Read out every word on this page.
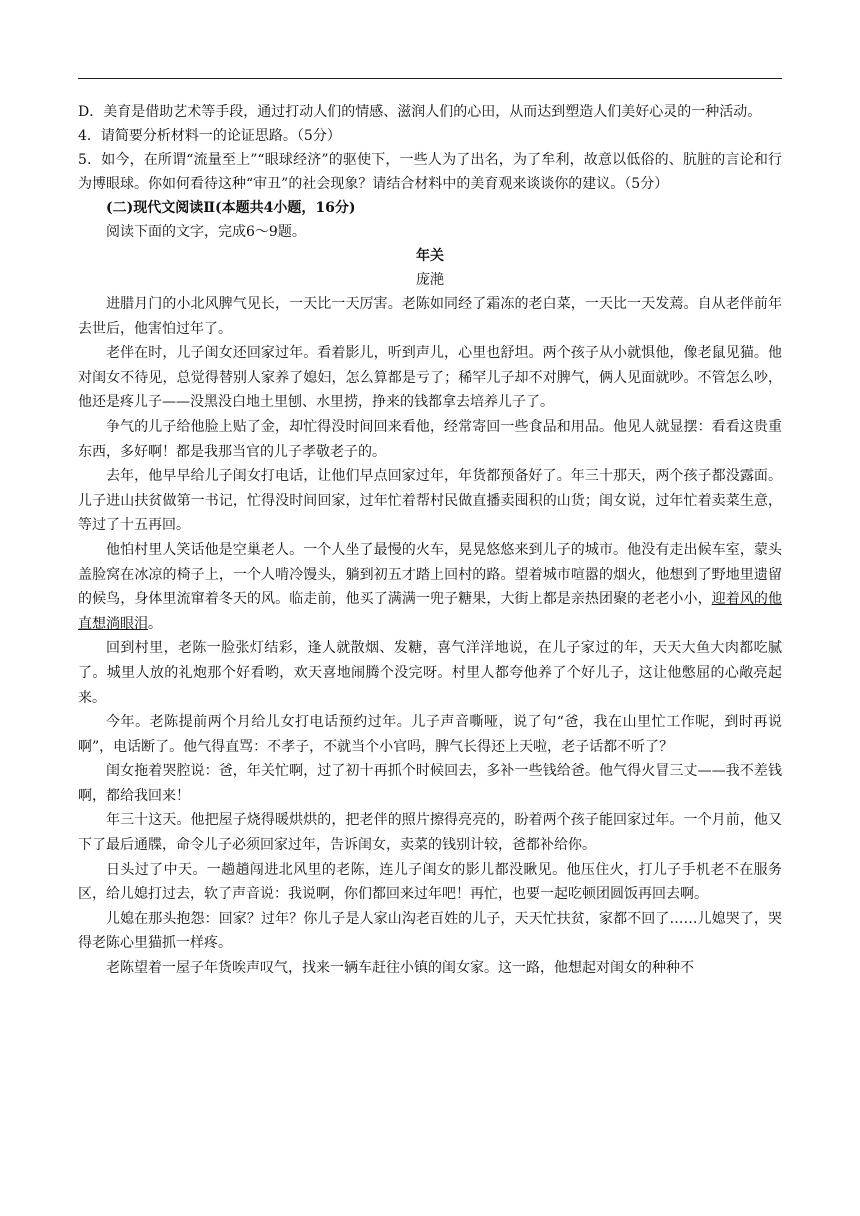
D．美育是借助艺术等手段，通过打动人们的情感、滋润人们的心田，从而达到塑造人们美好心灵的一种活动。

4．请简要分析材料一的论证思路。（5分）

5．如今，在所谓“流量至上”“眼球经济”的驱使下，一些人为了出名，为了牟利，故意以低俗的、肮脏的言论和行为博眼球。你如何看待这种“审丑”的社会现象？请结合材料中的美育观来谈谈你的建议。（5分）

(二)现代文阅读Ⅱ(本题共4小题，16分)

阅读下面的文字，完成6～9题。

年关

庞滟

进腊月门的小北风脾气见长，一天比一天厉害。老陈如同经了霜冻的老白菜，一天比一天发蔫。自从老伴前年去世后，他害怕过年了。

老伴在时，儿子闺女还回家过年。看着影儿，听到声儿，心里也舒坦。两个孩子从小就惧他，像老鼠见猫。他对闺女不待见，总觉得替别人家养了媳妇，怎么算都是亏了；稀罕儿子却不对脾气，俩人见面就吵。不管怎么吵，他还是疼儿子——没黑没白地土里刨、水里捞，挣来的钱都拿去培养儿子了。

争气的儿子给他脸上贴了金，却忙得没时间回来看他，经常寄回一些食品和用品。他见人就显摆：看看这贵重东西，多好啊！都是我那当官的儿子孝敬老子的。

去年，他早早给儿子闺女打电话，让他们早点回家过年，年货都预备好了。年三十那天，两个孩子都没露面。儿子进山扶贫做第一书记，忙得没时间回家，过年忙着帮村民做直播卖囤积的山货；闺女说，过年忙着卖菜生意，等过了十五再回。

他怕村里人笑话他是空巢老人。一个人坐了最慢的火车，晃晃悠悠来到儿子的城市。他没有走出候车室，蒙头盖脸窝在冰凉的椅子上，一个人啃冷馒头，躺到初五才踏上回村的路。望着城市喧嚣的烟火，他想到了野地里遗留的候鸟，身体里流窜着冬天的风。临走前，他买了满满一兜子糖果，大街上都是亲热团聚的老老小小，迎着风的他直想淌眼泪。

回到村里，老陈一脸张灯结彩，逢人就散烟、发糖，喜气洋洋地说，在儿子家过的年，天天大鱼大肉都吃腻了。城里人放的礼炮那个好看哟，欢天喜地闹腾个没完呀。村里人都夸他养了个好儿子，这让他憋屈的心敞亮起来。

今年。老陈提前两个月给儿女打电话预约过年。儿子声音嘶哑，说了句“爸，我在山里忙工作呢，到时再说啊”，电话断了。他气得直骂：不孝子，不就当个小官吗，脾气长得还上天啦，老子话都不听了？

闺女拖着哭腔说：爸，年关忙啊，过了初十再抓个时候回去，多补一些钱给爸。他气得火冒三丈——我不差钱啊，都给我回来！

年三十这天。他把屋子烧得暖烘烘的，把老伴的照片擦得亮亮的，盼着两个孩子能回家过年。一个月前，他又下了最后通牒，命令儿子必须回家过年，告诉闺女，卖菜的钱别计较，爸都补给你。

日头过了中天。一趟趟闯进北风里的老陈，连儿子闺女的影儿都没瞅见。他压住火，打儿子手机老不在服务区，给儿媳打过去，软了声音说：我说啊，你们都回来过年吧！再忙，也要一起吃顿团圆饭再回去啊。

儿媳在那头抱怨：回家？过年？你儿子是人家山沟老百姓的儿子，天天忙扶贫，家都不回了……儿媳哭了，哭得老陈心里猫抓一样疼。

老陈望着一屋子年货唉声叹气，找来一辆车赶往小镇的闺女家。这一路，他想起对闺女的种种不
